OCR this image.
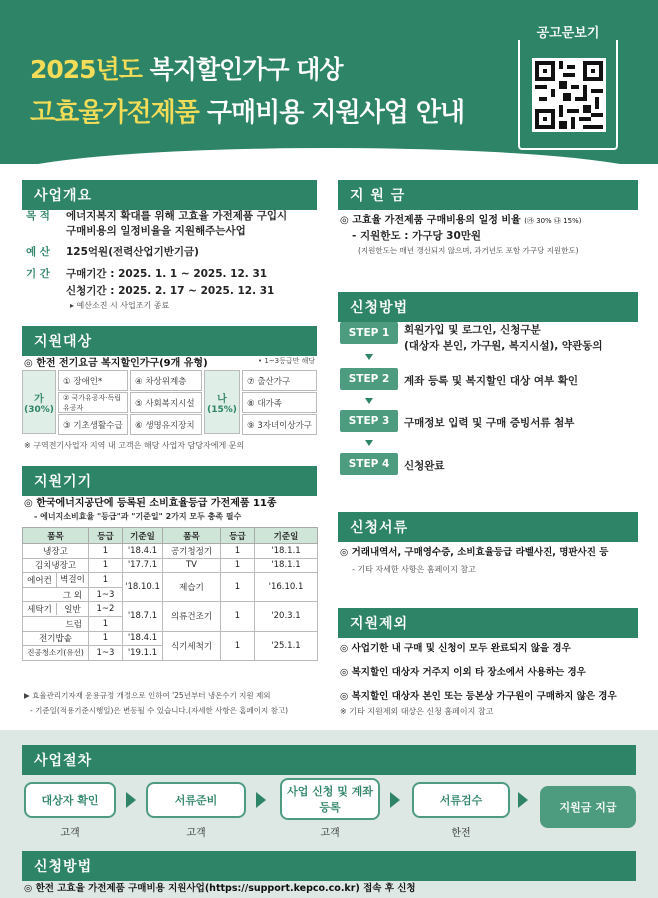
2025년도 복지할인가구 대상
고효율가전제품 구매비용 지원사업 안내
공고문보기
사업개요
목 적 에너지복지 확대를 위해 고효율 가전제품 구입시
구매비용의 일정비율을 지원해주는사업
예 산 125억원(전력산업기반기금)
기 간 구매기간 : 2025. 1. 1 ~ 2025. 12. 31
신청기간 : 2025. 2. 17 ~ 2025. 12. 31
▸ 예산소진 시 사업조기 종료
지원대상
◎ 한전 전기요금 복지할인가구(9개 유형)	• 1~3등급만 해당
가
(30%)
① 장애인*	④ 차상위계층
② 국가유공자·독립유공자	⑤ 사회복지시설
③ 기초생활수급	⑥ 생명유지장치
나
(15%)
⑦ 출산가구
⑧ 대가족
⑨ 3자녀이상가구
※ 구역전기사업자 지역 내 고객은 해당 사업자 담당자에게 문의
지원기기
◎ 한국에너지공단에 등록된 소비효율등급 가전제품 11종
- 에너지소비효율 "등급"과 "기준일" 2가지 모두 충족 필수
품목	등급	기준일	품목	등급	기준일
냉장고	1	'18.4.1	공기청정기	1	'18.1.1
김치냉장고	1	'17.7.1	TV	1	'18.1.1

에어컨 벽걸이	1	'18.10.1	제습기	1	'16.10.1
그 외	1~3				

세탁기 일반	1~2	'18.7.1	의류건조기	1	'20.3.1
드럼	1				
전기밥솥	1	'18.4.1	식기세척기	1	'25.1.1
진공청소기(유선)	1~3	'19.1.1			
▶ 효율관리기자재 운용규정 개정으로 인하여 '25년부터 냉온수기 지원 제외
- 기준일(적용기준시행일)은 변동될 수 있습니다.(자세한 사항은 홈페이지 참고)
지 원 금
◎ 고효율 가전제품 구매비용의 일정 비율 (㉮ 30% ㉯ 15%)
- 지원한도 : 가구당 30만원
(지원한도는 매년 갱신되지 않으며, 과거년도 포함 가구당 지원한도)
신청방법
STEP 1	회원가입 및 로그인, 신청구분
(대상자 본인, 가구원, 복지시설), 약관동의
STEP 2	계좌 등록 및 복지할인 대상 여부 확인
STEP 3	구매정보 입력 및 구매 증빙서류 첨부
STEP 4	신청완료
신청서류
◎ 거래내역서, 구매영수증, 소비효율등급 라벨사진, 명판사진 등
- 기타 자세한 사항은 홈페이지 참고
지원제외
◎ 사업기한 내 구매 및 신청이 모두 완료되지 않을 경우
◎ 복지할인 대상자 거주지 이외 타 장소에서 사용하는 경우
◎ 복지할인 대상자 본인 또는 등본상 가구원이 구매하지 않은 경우
※ 기타 지원제외 대상은 신청 홈페이지 참고
사업절차
대상자 확인
고객
서류준비
고객
사업 신청 및 계좌등록
고객
서류검수
한전
지원금 지급
신청방법
◎ 한전 고효율 가전제품 구매비용 지원사업(https://support.kepco.co.kr) 접속 후 신청
